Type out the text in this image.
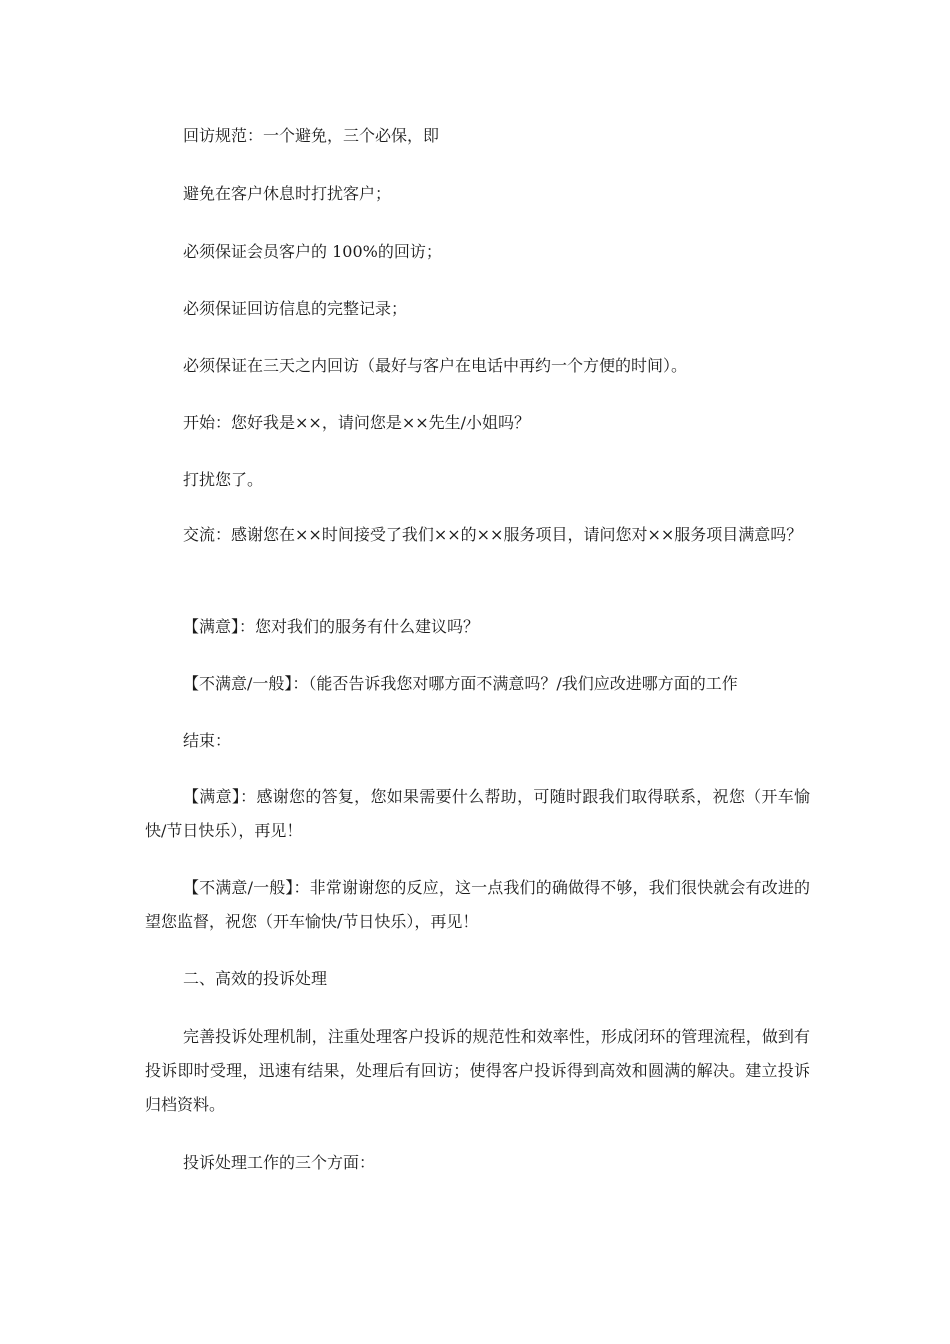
回访规范：一个避免，三个必保，即

避免在客户休息时打扰客户；

必须保证会员客户的 100%的回访；

必须保证回访信息的完整记录；

必须保证在三天之内回访（最好与客户在电话中再约一个方便的时间）。

开始：您好我是××，请问您是××先生/小姐吗？

打扰您了。

交流：感谢您在××时间接受了我们××的××服务项目，请问您对××服务项目满意吗？

【满意】：您对我们的服务有什么建议吗？

【不满意/一般】：（能否告诉我您对哪方面不满意吗？/我们应改进哪方面的工作

结束：

【满意】：感谢您的答复，您如果需要什么帮助，可随时跟我们取得联系，祝您（开车愉快/节日快乐），再见！

【不满意/一般】：非常谢谢您的反应，这一点我们的确做得不够，我们很快就会有改进的望您监督，祝您（开车愉快/节日快乐），再见！

二、高效的投诉处理

完善投诉处理机制，注重处理客户投诉的规范性和效率性，形成闭环的管理流程，做到有投诉即时受理，迅速有结果，处理后有回访；使得客户投诉得到高效和圆满的解决。建立投诉归档资料。

投诉处理工作的三个方面：
